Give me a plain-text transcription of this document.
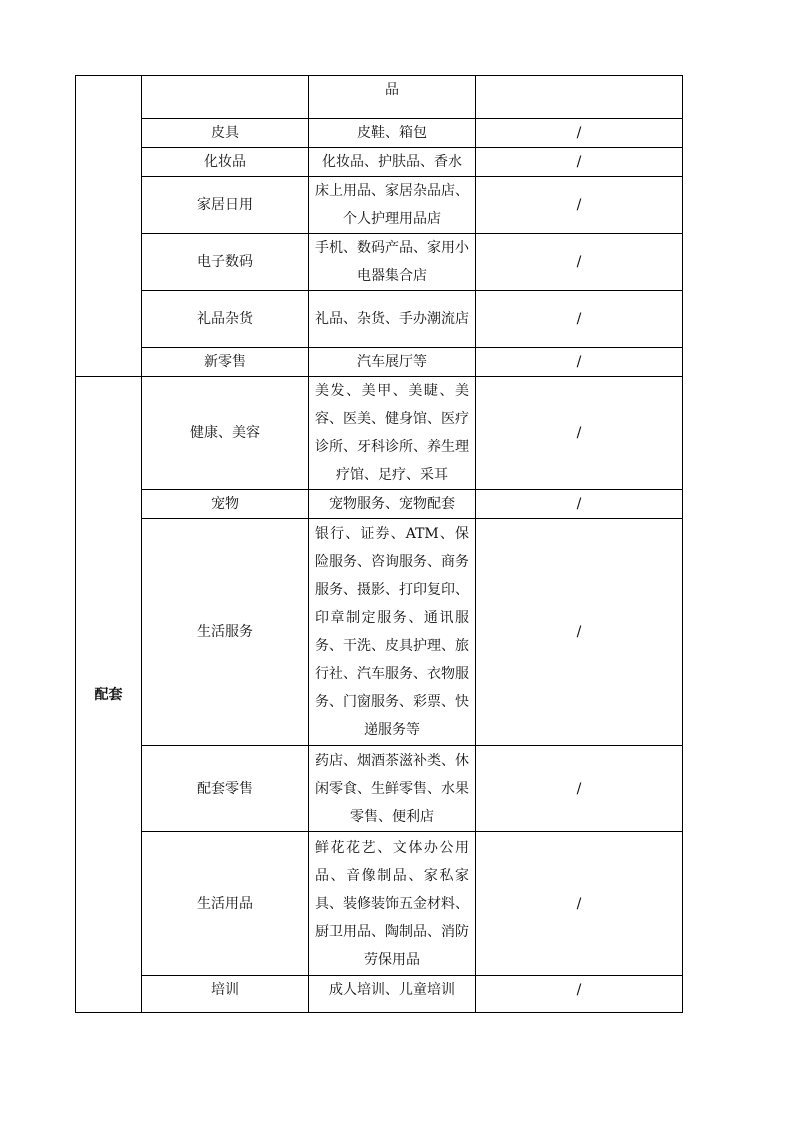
		品	
	皮具	皮鞋、箱包	/
	化妆品	化妆品、护肤品、香水	/
	家居日用	床上用品、家居杂品店、个人护理用品店	/
	电子数码	手机、数码产品、家用小电器集合店	/
	礼品杂货	礼品、杂货、手办潮流店	/
	新零售	汽车展厅等	/
配套	健康、美容	美发、美甲、美睫、美容、医美、健身馆、医疗诊所、牙科诊所、养生理疗馆、足疗、采耳	/
	宠物	宠物服务、宠物配套	/
	生活服务	银行、证券、ATM、保险服务、咨询服务、商务服务、摄影、打印复印、印章制定服务、通讯服务、干洗、皮具护理、旅行社、汽车服务、衣物服务、门窗服务、彩票、快递服务等	/
	配套零售	药店、烟酒茶滋补类、休闲零食、生鲜零售、水果零售、便利店	/
	生活用品	鲜花花艺、文体办公用品、音像制品、家私家具、装修装饰五金材料、厨卫用品、陶制品、消防劳保用品	/
	培训	成人培训、儿童培训	/
